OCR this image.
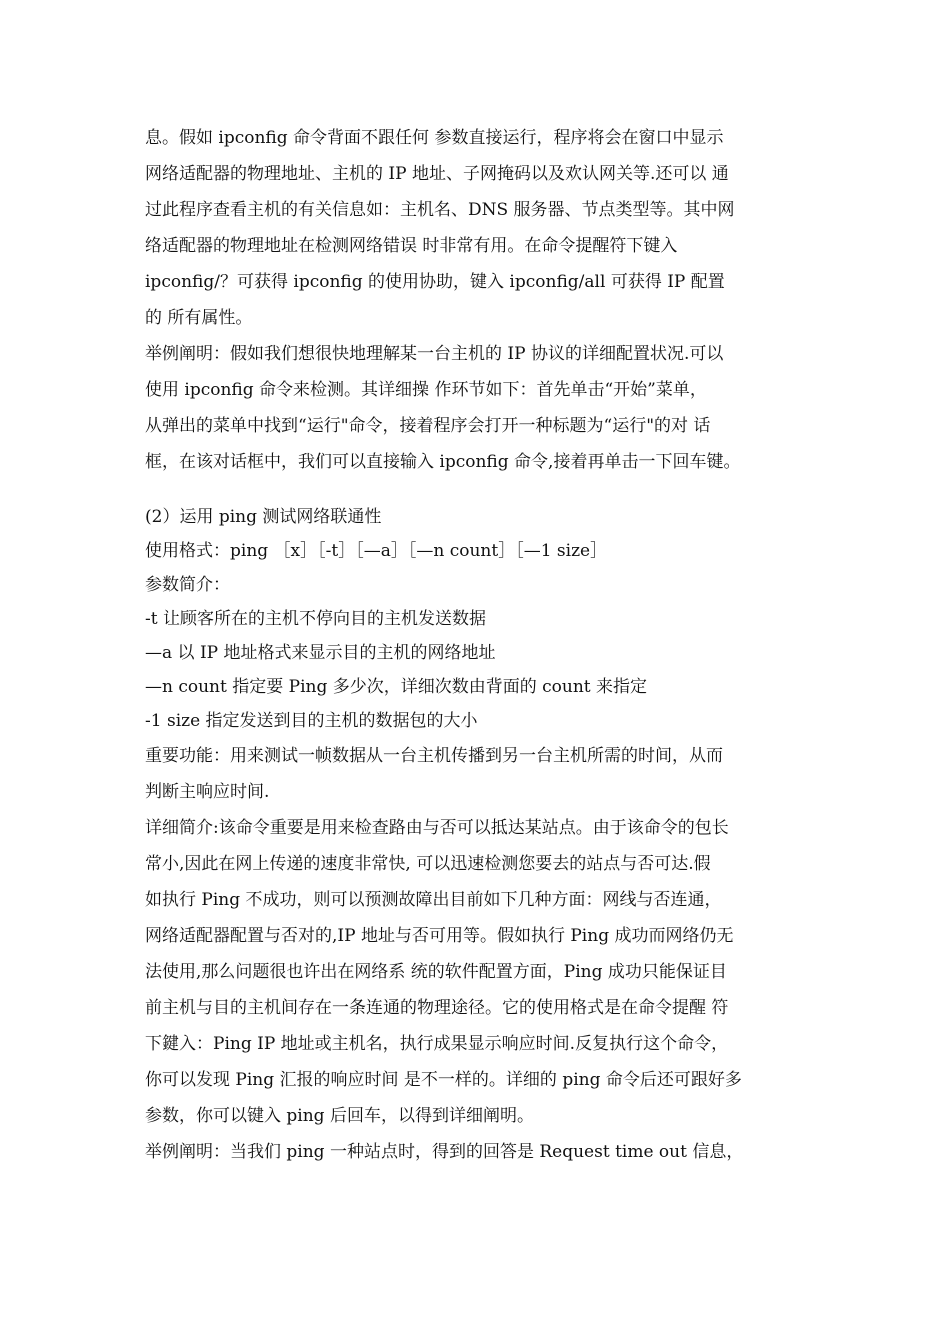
息。假如 ipconfig 命令背面不跟任何 参数直接运行，程序将会在窗口中显示
网络适配器的物理地址、主机的 IP 地址、子网掩码以及欢认网关等.还可以 通
过此程序查看主机的有关信息如：主机名、DNS 服务器、节点类型等。其中网
络适配器的物理地址在检测网络错误 时非常有用。在命令提醒符下键入
ipconfig/？可获得 ipconfig 的使用协助，键入 ipconfig/all 可获得 IP 配置
的 所有属性。
举例阐明：假如我们想很快地理解某一台主机的 IP 协议的详细配置状况.可以
使用 ipconfig 命令来检测。其详细操 作环节如下：首先单击“开始”菜单，
从弹出的菜单中找到“运行"命令，接着程序会打开一种标题为“运行"的对 话
框，在该对话框中，我们可以直接输入 ipconfig 命令,接着再单击一下回车键。
(2）运用 ping 测试网络联通性
使用格式：ping ［x］［-t］［—a］［—n count］［—1 size］
参数简介：
-t 让顾客所在的主机不停向目的主机发送数据
—a 以 IP 地址格式来显示目的主机的网络地址
—n count 指定要 Ping 多少次，详细次数由背面的 count 来指定
-1 size 指定发送到目的主机的数据包的大小
重要功能：用来测试一帧数据从一台主机传播到另一台主机所需的时间，从而
判断主响应时间.
详细简介:该命令重要是用来检查路由与否可以抵达某站点。由于该命令的包长
常小,因此在网上传递的速度非常快, 可以迅速检测您要去的站点与否可达.假
如执行 Ping 不成功，则可以预测故障出目前如下几种方面：网线与否连通，
网络适配器配置与否对的,IP 地址与否可用等。假如执行 Ping 成功而网络仍无
法使用,那么问题很也许出在网络系 统的软件配置方面，Ping 成功只能保证目
前主机与目的主机间存在一条连通的物理途径。它的使用格式是在命令提醒 符
下鍵入：Ping IP 地址或主机名，执行成果显示响应时间.反复执行这个命令，
你可以发现 Ping 汇报的响应时间 是不一样的。详细的 ping 命令后还可跟好多
参数，你可以键入 ping 后回车，以得到详细阐明。
举例阐明：当我们 ping 一种站点时，得到的回答是 Request time out 信息，
